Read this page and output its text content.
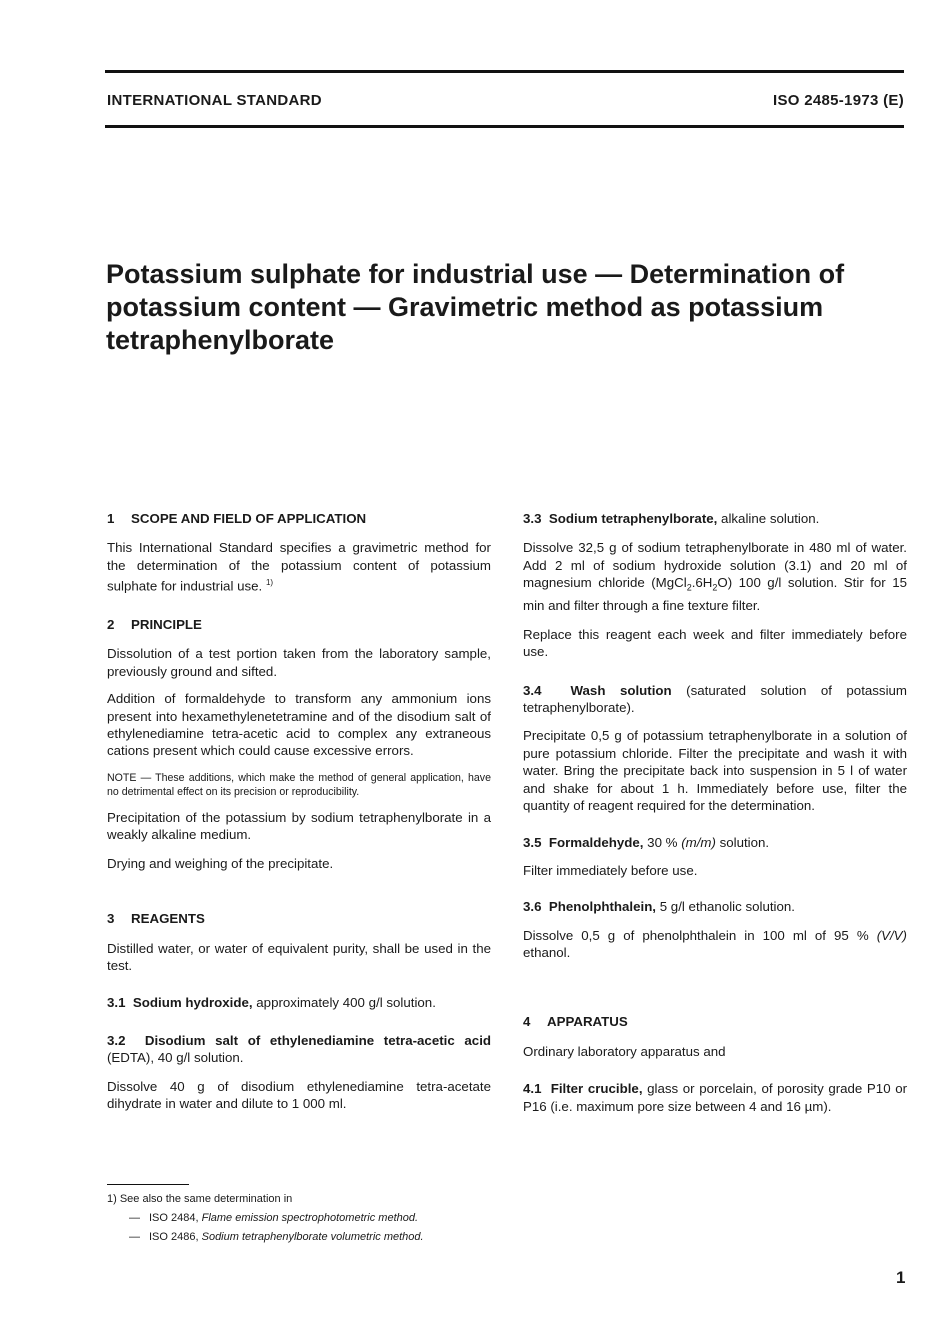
INTERNATIONAL STANDARD	ISO 2485-1973 (E)
Potassium sulphate for industrial use — Determination of potassium content — Gravimetric method as potassium tetraphenylborate

1 SCOPE AND FIELD OF APPLICATION

This International Standard specifies a gravimetric method for the determination of the potassium content of potassium sulphate for industrial use. $^{1)}$

2 PRINCIPLE

Dissolution of a test portion taken from the laboratory sample, previously ground and sifted.

Addition of formaldehyde to transform any ammonium ions present into hexamethylenetetramine and of the disodium salt of ethylenediamine tetra-acetic acid to complex any extraneous cations present which could cause excessive errors.

NOTE — These additions, which make the method of general application, have no detrimental effect on its precision or reproducibility.

Precipitation of the potassium by sodium tetraphenylborate in a weakly alkaline medium.

Drying and weighing of the precipitate.

3 REAGENTS

Distilled water, or water of equivalent purity, shall be used in the test.

3.1 Sodium hydroxide, approximately 400 g/l solution.

3.2 Disodium salt of ethylenediamine tetra-acetic acid (EDTA), 40 g/l solution.

Dissolve 40 g of disodium ethylenediamine tetra-acetate dihydrate in water and dilute to 1 000 ml.

3.3 Sodium tetraphenylborate, alkaline solution.

Dissolve 32,5 g of sodium tetraphenylborate in 480 ml of water. Add 2 ml of sodium hydroxide solution (3.1) and 20 ml of magnesium chloride $(MgCl_2.6H_2O)$ 100 g/l solution. Stir for 15 min and filter through a fine texture filter.

Replace this reagent each week and filter immediately before use.

3.4 Wash solution (saturated solution of potassium tetraphenylborate).

Precipitate 0,5 g of potassium tetraphenylborate in a solution of pure potassium chloride. Filter the precipitate and wash it with water. Bring the precipitate back into suspension in 5 l of water and shake for about 1 h. Immediately before use, filter the quantity of reagent required for the determination.

3.5 Formaldehyde, 30 % (m/m) solution.

Filter immediately before use.

3.6 Phenolphthalein, 5 g/l ethanolic solution.

Dissolve 0,5 g of phenolphthalein in 100 ml of 95 % (V/V) ethanol.

4 APPARATUS

Ordinary laboratory apparatus and

4.1 Filter crucible, glass or porcelain, of porosity grade P10 or P16 (i.e. maximum pore size between 4 and 16 µm).

1) See also the same determination in
— ISO 2484, Flame emission spectrophotometric method.
— ISO 2486, Sodium tetraphenylborate volumetric method.
1
